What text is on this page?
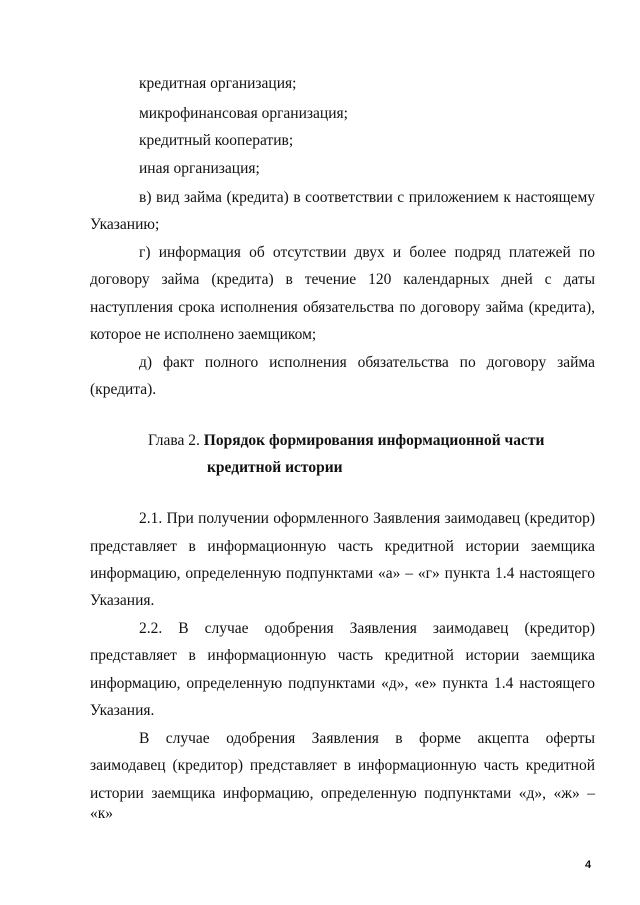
кредитная организация;
микрофинансовая организация;
кредитный кооператив;
иная организация;
в) вид займа (кредита) в соответствии с приложением к настоящему
Указанию;
г) информация об отсутствии двух и более подряд платежей по
договору займа (кредита) в течение 120 календарных дней с даты
наступления срока исполнения обязательства по договору займа (кредита),
которое не исполнено заемщиком;
д) факт полного исполнения обязательства по договору займа
(кредита).
Глава 2. Порядок формирования информационной части
кредитной истории
2.1. При получении оформленного Заявления заимодавец (кредитор)
представляет в информационную часть кредитной истории заемщика
информацию, определенную подпунктами «а» – «г» пункта 1.4 настоящего
Указания.
2.2. В случае одобрения Заявления заимодавец (кредитор)
представляет в информационную часть кредитной истории заемщика
информацию, определенную подпунктами «д», «е» пункта 1.4 настоящего
Указания.
В случае одобрения Заявления в форме акцепта оферты
заимодавец (кредитор) представляет в информационную часть кредитной
истории заемщика информацию, определенную подпунктами «д», «ж» – «к»
4
